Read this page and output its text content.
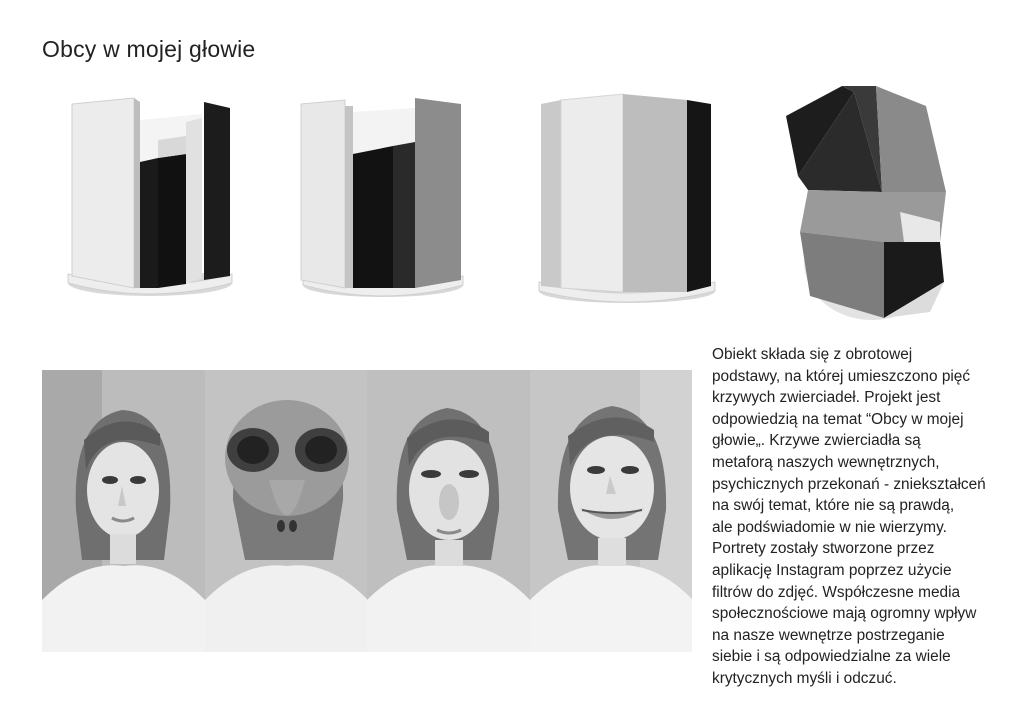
Obcy w mojej głowie

Obiekt składa się z obrotowej
podstawy, na której umieszczono pięć
krzywych zwierciadeł. Projekt jest
odpowiedzią na temat “Obcy w mojej
głowie„. Krzywe zwierciadła są
metaforą naszych wewnętrznych,
psychicznych przekonań - zniekształceń
na swój temat, które nie są prawdą,
ale podświadomie w nie wierzymy.
Portrety zostały stworzone przez
aplikację Instagram poprzez użycie
filtrów do zdjęć. Współczesne media
społecznościowe mają ogromny wpływ
na nasze wewnętrze postrzeganie
siebie i są odpowiedzialne za wiele
krytycznych myśli i odczuć.
